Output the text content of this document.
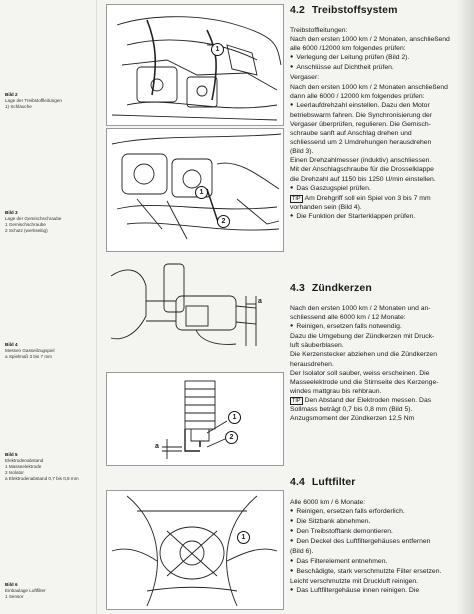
Bild 2
Lage der Treibstoffleitungen
1) Schläuche
Bild 3
Lage der Gemischschraube
1 Gemischschraube
2 Schutz (werkseitig)
Bild 4
Messen Gasseilzugspiel
a Spielmaß 3 bis 7 mm
Bild 5
Elektrodenabstand
1 Masseelektrode
2 Isolator
a Elektrodenabstand 0,7 bis 0,8 mm
Bild 6
Einbaulage Luftfilter
1 Sensor
1
1
2
a
1
2
a
1
4.2 Treibstoffsystem
Treibstoffleitungen:
Nach den ersten 1000 km / 2 Monaten, anschließend
alle 6000 /12000 km folgendes prüfen:
● Verlegung der Leitung prüfen (Bild 2).
● Anschlüsse auf Dichtheit prüfen.
Vergaser:
Nach den ersten 1000 km / 2 Monaten anschließend
dann alle 6000 / 12000 km folgendes prüfen:
● Leerlaufdrehzahl einstellen. Dazu den Motor
betriebswarm fahren. Die Synchronisierung der
Vergaser überprüfen, regulieren. Die Gemisch-
schraube sanft auf Anschlag drehen und
schliessend um 2 Umdrehungen herausdrehen
(Bild 3).
Einen Drehzahlmesser (induktiv) anschliessen.
Mit der Anschlagschraube für die Drosselklappe
die Drehzahl auf 1150 bis 1250 U/min einstellen.
● Das Gaszugspiel prüfen.
TIP Am Drehgriff soll ein Spiel von 3 bis 7 mm
vorhanden sein (Bild 4).
● Die Funktion der Starterklappen prüfen.
4.3 Zündkerzen
Nach den ersten 1000 km / 2 Monaten und an-
schliessend alle 6000 km / 12 Monate:
● Reinigen, ersetzen falls notwendig.
Dazu die Umgebung der Zündkerzen mit Druck-
luft säuberblasen.
Die Kerzenstecker abziehen und die Zündkerzen
herausdrehen.
Der Isolator soll sauber, weiss erscheinen. Die
Masseelektrode und die Stirnseite des Kerzenge-
windes mattgrau bis rehbraun.
TIP Den Abstand der Elektroden messen. Das
Sollmass beträgt 0,7 bis 0,8 mm (Bild 5).
Anzugsmoment der Zündkerzen 12,5 Nm
4.4 Luftfilter
Alle 6000 km / 6 Monate:
● Reinigen, ersetzen falls erforderlich.
● Die Sitzbank abnehmen.
● Den Treibstofftank demontieren.
● Den Deckel des Luftfiltergehäuses entfernen
(Bild 6).
● Das Filterelement entnehmen.
● Beschädigte, stark verschmutzte Filter ersetzen.
Leicht verschmutzte mit Druckluft reinigen.
● Das Luftfiltergehäuse innen reinigen. Die
